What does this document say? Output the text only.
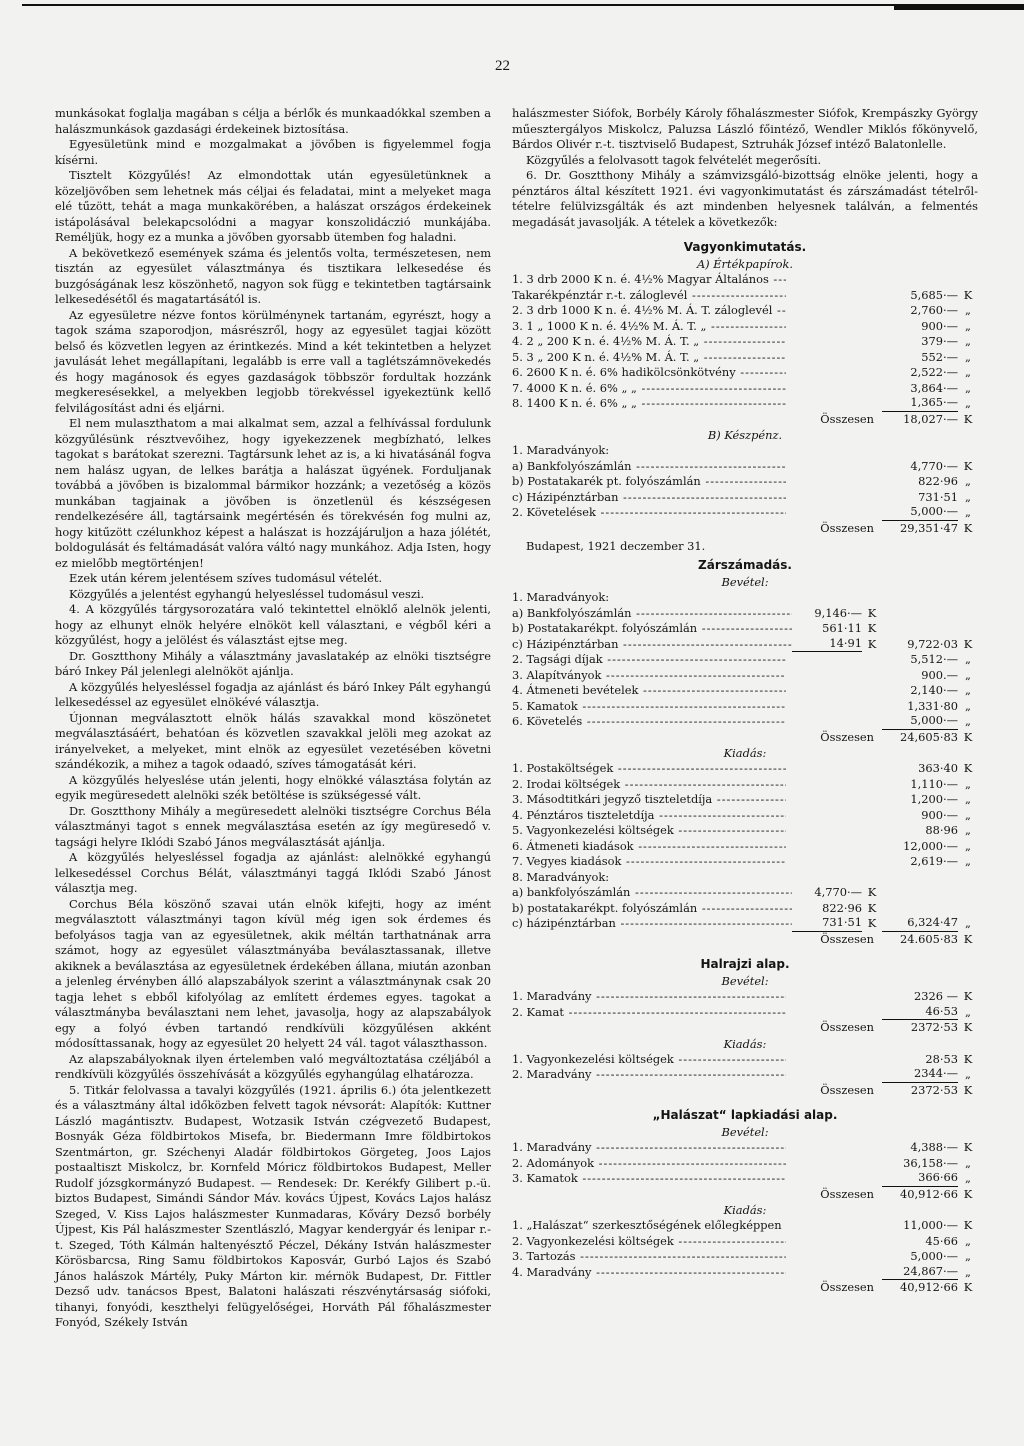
22

munkásokat foglalja magában s célja a bérlők és munkaadókkal szemben a halászmunkások gazdasági érdekeinek biztosítása.

Egyesületünk mind e mozgalmakat a jövőben is figyelemmel fogja kísérni.

Tisztelt Közgyűlés! Az elmondottak után egyesületünknek a közeljövőben sem lehetnek más céljai és feladatai, mint a melyeket maga elé tűzött, tehát a maga munkakörében, a halászat országos érdekeinek istápolásával belekapcsolódni a magyar konszolidáczió munkájába. Reméljük, hogy ez a munka a jövőben gyorsabb ütemben fog haladni.

A bekövetkező események száma és jelentős volta, természetesen, nem tisztán az egyesület választmánya és tisztikara lelkesedése és buzgóságának lesz köszönhető, nagyon sok függ e tekintetben tagtársaink lelkesedésétől és magatartásától is.

Az egyesületre nézve fontos körülménynek tartanám, egyrészt, hogy a tagok száma szaporodjon, másrészről, hogy az egyesület tagjai között belső és közvetlen legyen az érintkezés. Mind a két tekintetben a helyzet javulását lehet megállapítani, legalább is erre vall a taglétszámnövekedés és hogy magánosok és egyes gazdaságok többször fordultak hozzánk megkeresésekkel, a melyekben legjobb törekvéssel igyekeztünk kellő felvilágosítást adni és eljárni.

El nem mulaszthatom a mai alkalmat sem, azzal a felhívással fordulunk közgyűlésünk résztvevőihez, hogy igyekezzenek megbízható, lelkes tagokat s barátokat szerezni. Tagtársunk lehet az is, a ki hivatásánál fogva nem halász ugyan, de lelkes barátja a halászat ügyének. Forduljanak továbbá a jövőben is bizalommal bármikor hozzánk; a vezetőség a közös munkában tagjainak a jövőben is önzetlenül és készségesen rendelkezésére áll, tagtársaink megértésén és törekvésén fog mulni az, hogy kitűzött czélunkhoz képest a halászat is hozzájáruljon a haza jólétét, boldogulását és feltámadását valóra váltó nagy munkához. Adja Isten, hogy ez mielőbb megtörténjen!

Ezek után kérem jelentésem szíves tudomásul vételét.

Közgyűlés a jelentést egyhangú helyesléssel tudomásul veszi.

4. A közgyűlés tárgysorozatára való tekintettel elnöklő alelnök jelenti, hogy az elhunyt elnök helyére elnököt kell választani, e végből kéri a közgyűlést, hogy a jelölést és választást ejtse meg.

Dr. Gosztthony Mihály a választmány javaslatakép az elnöki tisztségre báró Inkey Pál jelenlegi alelnököt ajánlja.

A közgyűlés helyesléssel fogadja az ajánlást és báró Inkey Pált egyhangú lelkesedéssel az egyesület elnökévé választja.

Újonnan megválasztott elnök hálás szavakkal mond köszönetet megválasztásáért, behatóan és közvetlen szavakkal jelöli meg azokat az irányelveket, a melyeket, mint elnök az egyesület vezetésében követni szándékozik, a mihez a tagok odaadó, szíves támogatását kéri.

A közgyűlés helyeslése után jelenti, hogy elnökké választása folytán az egyik megüresedett alelnöki szék betöltése is szükségessé vált.

Dr. Gosztthony Mihály a megüresedett alelnöki tisztségre Corchus Béla választmányi tagot s ennek megválasztása esetén az így megüresedő v. tagsági helyre Iklódi Szabó János megválasztását ajánlja.

A közgyűlés helyesléssel fogadja az ajánlást: alelnökké egyhangú lelkesedéssel Corchus Bélát, választmányi taggá Iklódi Szabó Jánost választja meg.

Corchus Béla köszönő szavai után elnök kifejti, hogy az imént megválasztott választmányi tagon kívül még igen sok érdemes és befolyásos tagja van az egyesületnek, akik méltán tarthatnának arra számot, hogy az egyesület választmányába beválasztassanak, illetve akiknek a beválasztása az egyesületnek érdekében állana, miután azonban a jelenleg érvényben álló alapszabályok szerint a választmánynak csak 20 tagja lehet s ebből kifolyólag az említett érdemes egyes. tagokat a választmányba beválasztani nem lehet, javasolja, hogy az alapszabályok egy a folyó évben tartandó rendkívüli közgyűlésen akként módosíttassanak, hogy az egyesület 20 helyett 24 vál. tagot választhasson.

Az alapszabályoknak ilyen értelemben való megváltoztatása czéljából a rendkívüli közgyűlés összehívását a közgyűlés egyhangúlag elhatározza.

5. Titkár felolvassa a tavalyi közgyűlés (1921. április 6.) óta jelentkezett és a választmány által időközben felvett tagok névsorát: Alapítók: Kuttner László magántisztv. Budapest, Wotzasik István czégvezető Budapest, Bosnyák Géza földbirtokos Misefa, br. Biedermann Imre földbirtokos Szentmárton, gr. Széchenyi Aladár földbirtokos Görgeteg, Joos Lajos postaaltiszt Miskolcz, br. Kornfeld Móricz földbirtokos Budapest, Meller Rudolf józsgkormányzó Budapest. — Rendesek: Dr. Kerékfy Gilibert p.-ü. biztos Budapest, Simándi Sándor Máv. kovács Újpest, Kovács Lajos halász Szeged, V. Kiss Lajos halászmester Kunmadaras, Kőváry Dezső borbély Újpest, Kis Pál halászmester Szentlászló, Magyar kendergyár és lenipar r.-t. Szeged, Tóth Kálmán haltenyésztő Péczel, Dékány István halászmester Körösbarcsa, Ring Samu földbirtokos Kaposvár, Gurbó Lajos és Szabó János halászok Mártély, Puky Márton kir. mérnök Budapest, Dr. Fittler Dezső udv. tanácsos Bpest, Balatoni halászati részvénytársaság siófoki, tihanyi, fonyódi, keszthelyi felügyelőségei, Horváth Pál főhalászmester Fonyód, Székely István

halászmester Siófok, Borbély Károly főhalászmester Siófok, Krempászky György műesztergályos Miskolcz, Paluzsa László főintéző, Wendler Miklós főkönyvelő, Bárdos Olivér r.-t. tisztviselő Budapest, Sztruhák József intéző Balatonlelle.

Közgyűlés a felolvasott tagok felvételét megerősíti.

6. Dr. Gosztthony Mihály a számvizsgáló-bizottság elnöke jelenti, hogy a pénztáros által készített 1921. évi vagyonkimutatást és zárszámadást tételről-tételre felülvizsgálták és azt mindenben helyesnek találván, a felmentés megadását javasolják. A tételek a következők:

Vagyonkimutatás.
A) Értékpapírok.
1. 3 drb 2000 K n. é. 4½% Magyar Általános -----
Takarékpénztár r.-t. záloglevél -----	5,685·— K
2. 3 drb 1000 K n. é. 4½% M. Á. T. záloglevél -----	2,760·— „
3. 1 „ 1000 K n. é. 4½% M. Á. T. „ -----	900·— „
4. 2 „ 200 K n. é. 4½% M. Á. T. „ -----	379·— „
5. 3 „ 200 K n. é. 4½% M. Á. T. „ -----	552·— „
6. 2600 K n. é. 6% hadikölcsönkötvény -----	2,522·— „
7. 4000 K n. é. 6% „ „ -----	3,864·— „
8. 1400 K n. é. 6% „ „ -----	1,365·— „
Összesen	18,027·— K
B) Készpénz.
1. Maradványok:
a) Bankfolyószámlán -----	4,770·— K
b) Postatakarék pt. folyószámlán -----	822·96 „
c) Házipénztárban -----	731·51 „
2. Követelések -----	5,000·— „
Összesen	29,351·47 K
Budapest, 1921 deczember 31.
Zárszámadás.
Bevétel:
1. Maradványok:
a) Bankfolyószámlán -----	9,146·— K
b) Postatakarékpt. folyószámlán -----	561·11 K
c) Házipénztárban -----	14·91 K	9,722·03 K
2. Tagsági díjak -----	5,512·— „
3. Alapítványok -----	900.— „
4. Átmeneti bevételek -----	2,140·— „
5. Kamatok -----	1,331·80 „
6. Követelés -----	5,000·— „
Összesen	24,605·83 K
Kiadás:
1. Postaköltségek -----	363·40 K
2. Irodai költségek -----	1,110·— „
3. Másodtitkári jegyző tiszteletdíja -----	1,200·— „
4. Pénztáros tiszteletdíja -----	900·— „
5. Vagyonkezelési költségek -----	88·96 „
6. Átmeneti kiadások -----	12,000·— „
7. Vegyes kiadások -----	2,619·— „
8. Maradványok:
a) bankfolyószámlán -----	4,770·— K
b) postatakarékpt. folyószámlán -----	822·96 K
c) házipénztárban -----	731·51 K	6,324·47 „
Összesen	24.605·83 K
Halrajzi alap.
Bevétel:
1. Maradvány -----	2326 — K
2. Kamat -----	46·53 „
Összesen	2372·53 K
Kiadás:
1. Vagyonkezelési költségek -----	28·53 K
2. Maradvány -----	2344·— „
Összesen	2372·53 K
„Halászat“ lapkiadási alap.
Bevétel:
1. Maradvány -----	4,388·— K
2. Adományok -----	36,158·— „
3. Kamatok -----	366·66 „
Összesen	40,912·66 K
Kiadás:
1. „Halászat“ szerkesztőségének előlegképpen -----	11,000·— K
2. Vagyonkezelési költségek -----	45·66 „
3. Tartozás -----	5,000·— „
4. Maradvány -----	24,867·— „
Összesen	40,912·66 K
